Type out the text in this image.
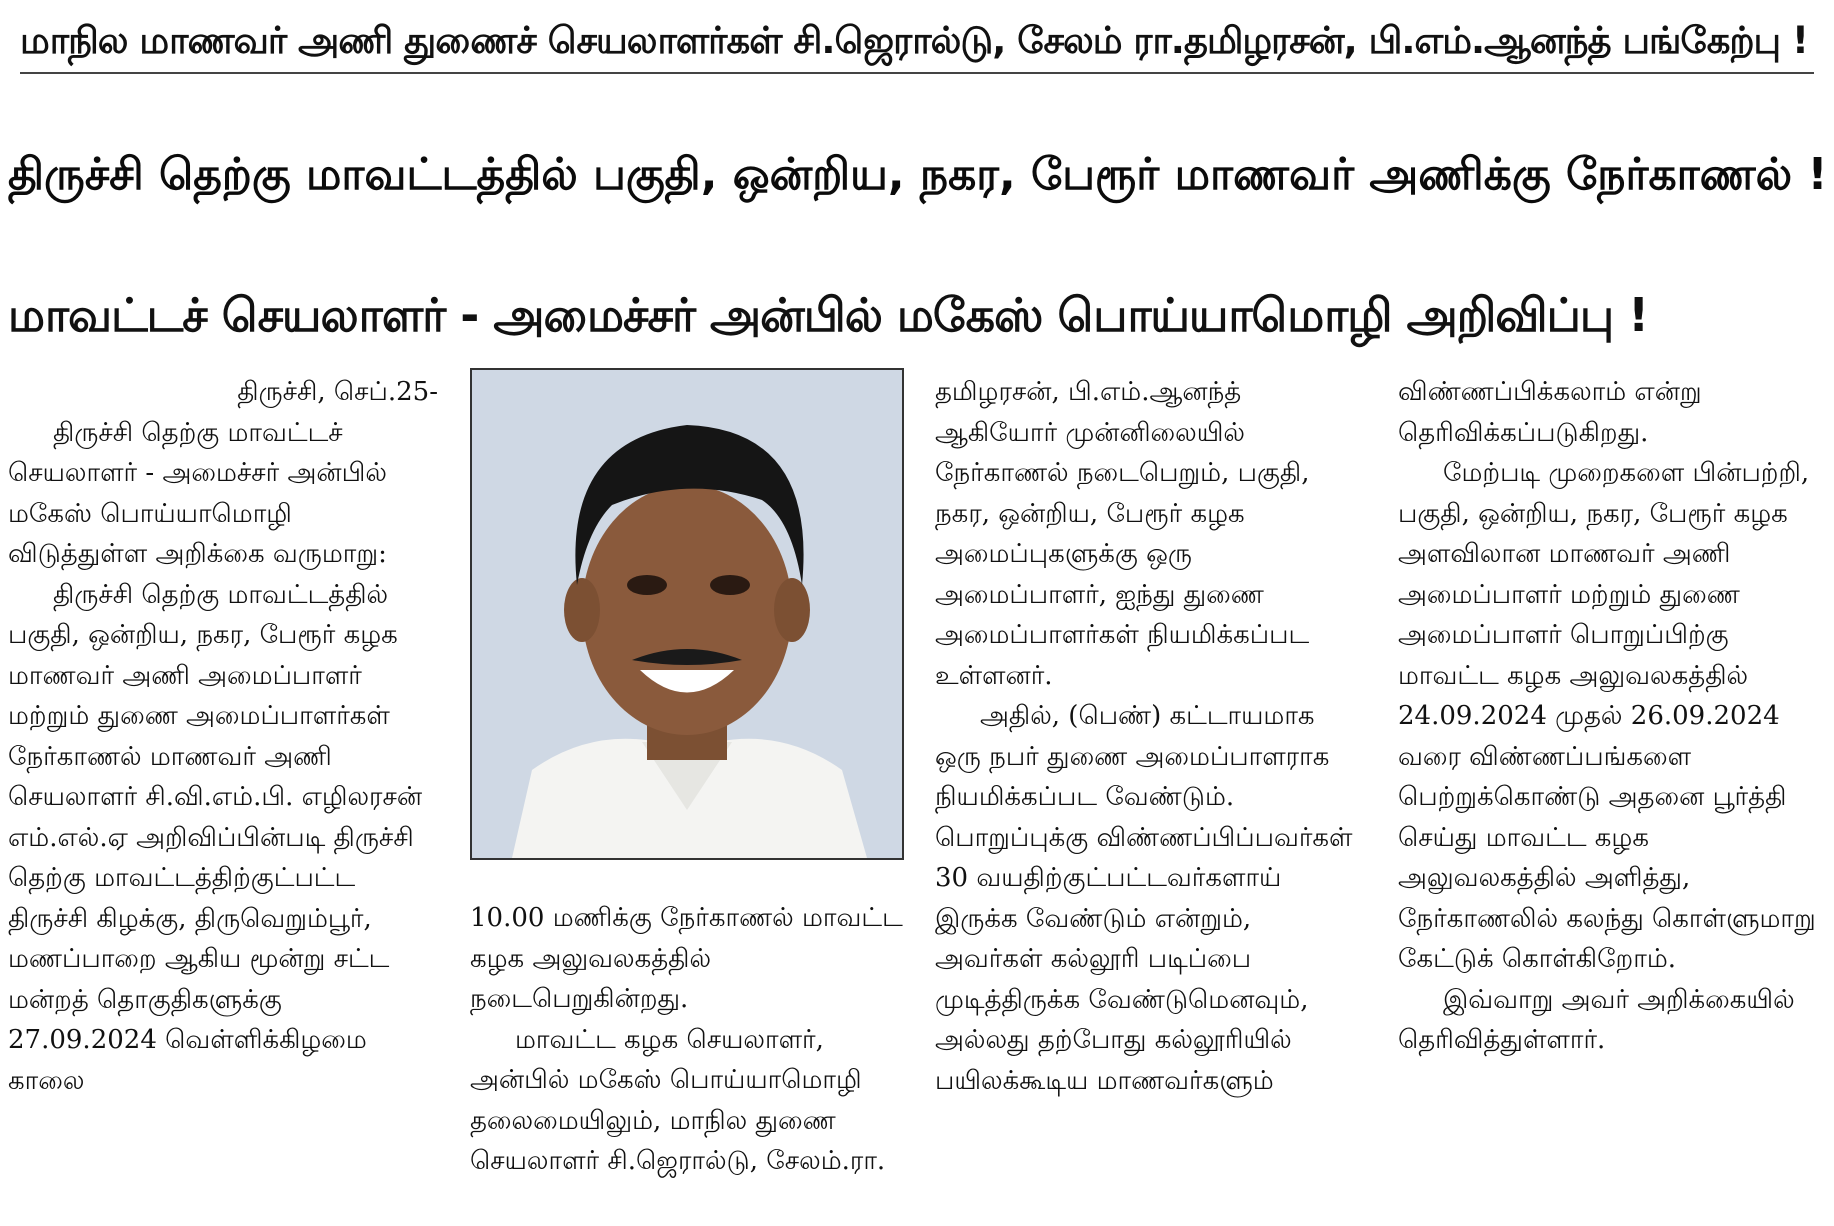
மாநில மாணவர் அணி துணைச் செயலாளர்கள் சி.ஜெரால்டு, சேலம் ரா.தமிழரசன், பி.எம்.ஆனந்த் பங்கேற்பு !
திருச்சி தெற்கு மாவட்டத்தில் பகுதி, ஒன்றிய, நகர, பேரூர் மாணவர் அணிக்கு நேர்காணல் !
மாவட்டச் செயலாளர் - அமைச்சர் அன்பில் மகேஸ் பொய்யாமொழி அறிவிப்பு !

திருச்சி, செப்.25-

திருச்சி தெற்கு மாவட்டச் செயலாளர் - அமைச்சர் அன்பில் மகேஸ் பொய்யாமொழி விடுத்துள்ள அறிக்கை வருமாறு:

திருச்சி தெற்கு மாவட்டத்தில் பகுதி, ஒன்றிய, நகர, பேரூர் கழக மாணவர் அணி அமைப்பாளர் மற்றும் துணை அமைப்பாளர்கள் நேர்காணல் மாணவர் அணி செயலாளர் சி.வி.எம்.பி. எழிலரசன் எம்.எல்.ஏ அறிவிப்பின்படி திருச்சி தெற்கு மாவட்டத்திற்குட்பட்ட திருச்சி கிழக்கு, திருவெறும்பூர், மணப்பாறை ஆகிய மூன்று சட்ட மன்றத் தொகுதிகளுக்கு 27.09.2024 வெள்ளிக்கிழமை காலை

10.00 மணிக்கு நேர்காணல் மாவட்ட கழக அலுவலகத்தில் நடைபெறுகின்றது.

மாவட்ட கழக செயலாளர், அன்பில் மகேஸ் பொய்யாமொழி தலைமையிலும், மாநில துணை செயலாளர் சி.ஜெரால்டு, சேலம்.ரா.

தமிழரசன், பி.எம்.ஆனந்த் ஆகியோர் முன்னிலையில் நேர்காணல் நடைபெறும், பகுதி, நகர, ஒன்றிய, பேரூர் கழக அமைப்புகளுக்கு ஒரு அமைப்பாளர், ஐந்து துணை அமைப்பாளர்கள் நியமிக்கப்பட உள்ளனர்.

அதில், (பெண்) கட்டாயமாக ஒரு நபர் துணை அமைப்பாளராக நியமிக்கப்பட வேண்டும். பொறுப்புக்கு விண்ணப்பிப்பவர்கள் 30 வயதிற்குட்பட்டவர்களாய் இருக்க வேண்டும் என்றும், அவர்கள் கல்லூரி படிப்பை முடித்திருக்க வேண்டுமெனவும், அல்லது தற்போது கல்லூரியில் பயிலக்கூடிய மாணவர்களும்

விண்ணப்பிக்கலாம் என்று தெரிவிக்கப்படுகிறது.

மேற்படி முறைகளை பின்பற்றி, பகுதி, ஒன்றிய, நகர, பேரூர் கழக அளவிலான மாணவர் அணி அமைப்பாளர் மற்றும் துணை அமைப்பாளர் பொறுப்பிற்கு மாவட்ட கழக அலுவலகத்தில் 24.09.2024 முதல் 26.09.2024 வரை விண்ணப்பங்களை பெற்றுக்கொண்டு அதனை பூர்த்தி செய்து மாவட்ட கழக அலுவலகத்தில் அளித்து, நேர்காணலில் கலந்து கொள்ளுமாறு கேட்டுக் கொள்கிறோம்.

இவ்வாறு அவர் அறிக்கையில் தெரிவித்துள்ளார்.
